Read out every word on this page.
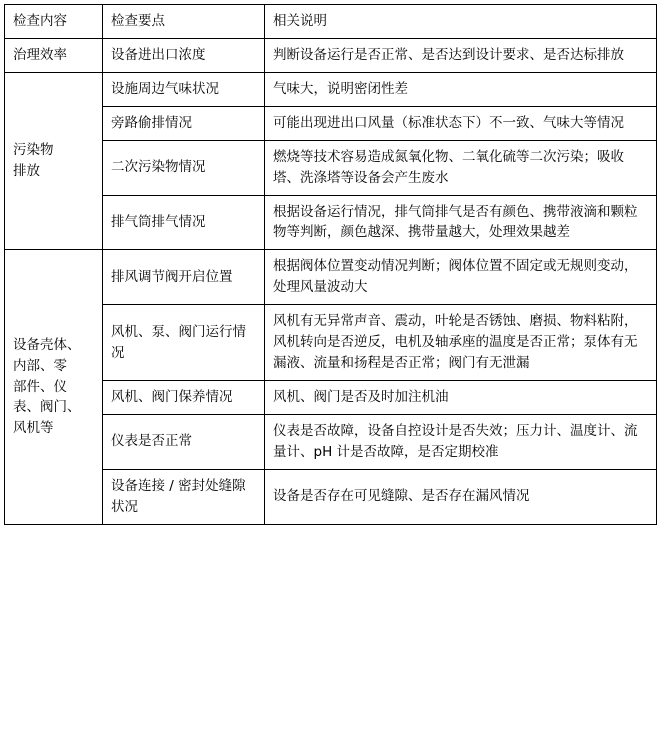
检查内容	检查要点	相关说明
治理效率	设备进出口浓度	判断设备运行是否正常、是否达到设计要求、是否达标排放

污染物
排放	设施周边气味状况	气味大，说明密闭性差
	旁路偷排情况	可能出现进出口风量（标准状态下）不一致、气味大等情况
	二次污染物情况	燃烧等技术容易造成氮氧化物、二氧化硫等二次污染；吸收塔、洗涤塔等设备会产生废水
	排气筒排气情况	根据设备运行情况，排气筒排气是否有颜色、携带液滴和颗粒物等判断，颜色越深、携带量越大，处理效果越差

设备壳体、
内部、零
部件、仪
表、阀门、
风机等	排风调节阀开启位置	根据阀体位置变动情况判断；阀体位置不固定或无规则变动，处理风量波动大
	风机、泵、阀门运行情况	风机有无异常声音、震动，叶轮是否锈蚀、磨损、物料粘附，风机转向是否逆反，电机及轴承座的温度是否正常；泵体有无漏液、流量和扬程是否正常；阀门有无泄漏
	风机、阀门保养情况	风机、阀门是否及时加注机油
	仪表是否正常	仪表是否故障，设备自控设计是否失效；压力计、温度计、流量计、pH 计是否故障，是否定期校准
	设备连接 / 密封处缝隙状况	设备是否存在可见缝隙、是否存在漏风情况
